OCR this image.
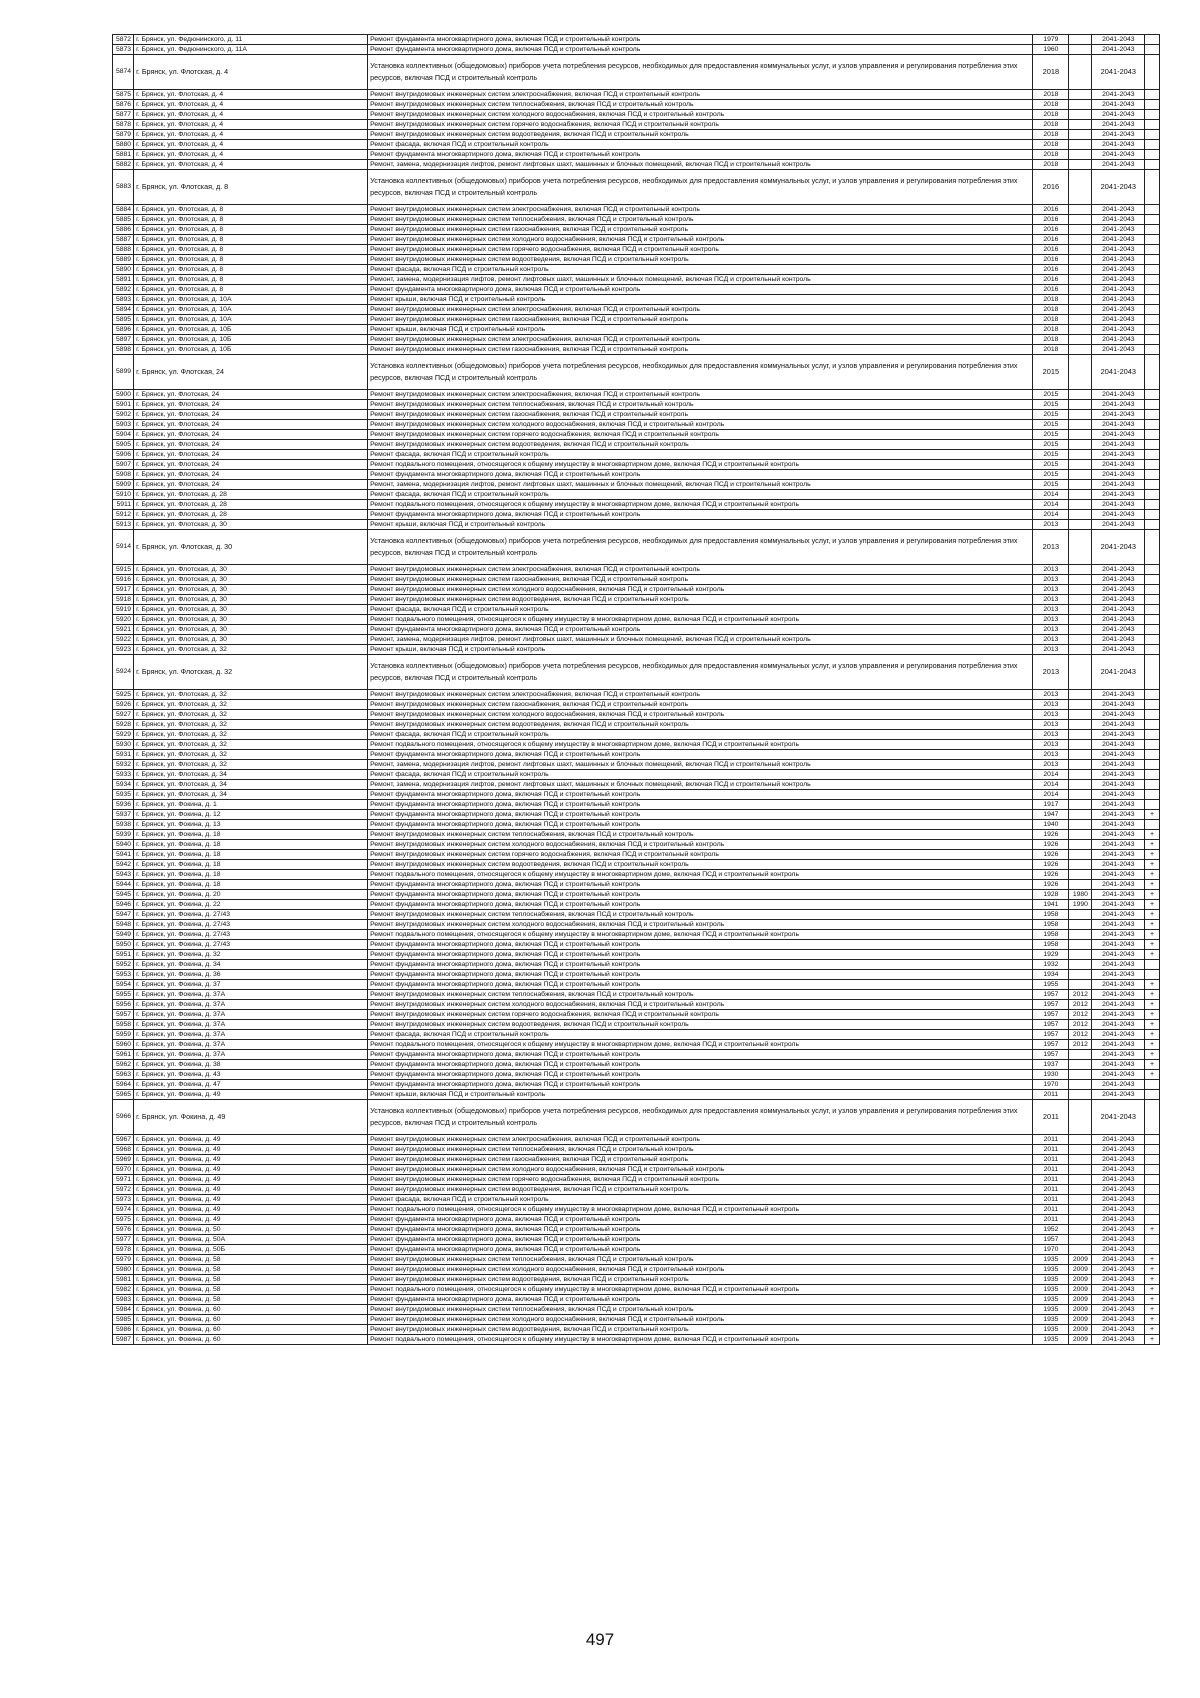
5872	г. Брянск, ул. Федюнинского, д. 11	Ремонт фундамента многоквартирного дома, включая ПСД и строительный контроль	1979		2041-2043	
5873	г. Брянск, ул. Федюнинского, д. 11А	Ремонт фундамента многоквартирного дома, включая ПСД и строительный контроль	1960		2041-2043	
5874	г. Брянск, ул. Флотская, д. 4	Установка коллективных (общедомовых) приборов учета потребления ресурсов, необходимых для предоставления коммунальных услуг, и узлов управления и регулирования потребления этих ресурсов, включая ПСД и строительный контроль	2018		2041-2043	
5875	г. Брянск, ул. Флотская, д. 4	Ремонт внутридомовых инженерных систем электроснабжения, включая ПСД и строительный контроль	2018		2041-2043	
5876	г. Брянск, ул. Флотская, д. 4	Ремонт внутридомовых инженерных систем теплоснабжения, включая ПСД и строительный контроль	2018		2041-2043	
5877	г. Брянск, ул. Флотская, д. 4	Ремонт внутридомовых инженерных систем холодного водоснабжения, включая ПСД и строительный контроль	2018		2041-2043	
5878	г. Брянск, ул. Флотская, д. 4	Ремонт внутридомовых инженерных систем горячего водоснабжения, включая ПСД и строительный контроль	2018		2041-2043	
5879	г. Брянск, ул. Флотская, д. 4	Ремонт внутридомовых инженерных систем водоотведения, включая ПСД и строительный контроль	2018		2041-2043	
5880	г. Брянск, ул. Флотская, д. 4	Ремонт фасада, включая ПСД и строительный контроль	2018		2041-2043	
5881	г. Брянск, ул. Флотская, д. 4	Ремонт фундамента многоквартирного дома, включая ПСД и строительный контроль	2018		2041-2043	
5882	г. Брянск, ул. Флотская, д. 4	Ремонт, замена, модернизация лифтов, ремонт лифтовых шахт, машинных и блочных помещений, включая ПСД и строительный контроль	2018		2041-2043	
5883	г. Брянск, ул. Флотская, д. 8	Установка коллективных (общедомовых) приборов учета потребления ресурсов, необходимых для предоставления коммунальных услуг, и узлов управления и регулирования потребления этих ресурсов, включая ПСД и строительный контроль	2016		2041-2043	
5884	г. Брянск, ул. Флотская, д. 8	Ремонт внутридомовых инженерных систем электроснабжения, включая ПСД и строительный контроль	2016		2041-2043	
5885	г. Брянск, ул. Флотская, д. 8	Ремонт внутридомовых инженерных систем теплоснабжения, включая ПСД и строительный контроль	2016		2041-2043	
5886	г. Брянск, ул. Флотская, д. 8	Ремонт внутридомовых инженерных систем газоснабжения, включая ПСД и строительный контроль	2016		2041-2043	
5887	г. Брянск, ул. Флотская, д. 8	Ремонт внутридомовых инженерных систем холодного водоснабжения, включая ПСД и строительный контроль	2016		2041-2043	
5888	г. Брянск, ул. Флотская, д. 8	Ремонт внутридомовых инженерных систем горячего водоснабжения, включая ПСД и строительный контроль	2016		2041-2043	
5889	г. Брянск, ул. Флотская, д. 8	Ремонт внутридомовых инженерных систем водоотведения, включая ПСД и строительный контроль	2016		2041-2043	
5890	г. Брянск, ул. Флотская, д. 8	Ремонт фасада, включая ПСД и строительный контроль	2016		2041-2043	
5891	г. Брянск, ул. Флотская, д. 8	Ремонт, замена, модернизация лифтов, ремонт лифтовых шахт, машинных и блочных помещений, включая ПСД и строительный контроль	2016		2041-2043	
5892	г. Брянск, ул. Флотская, д. 8	Ремонт фундамента многоквартирного дома, включая ПСД и строительный контроль	2016		2041-2043	
5893	г. Брянск, ул. Флотская, д. 10А	Ремонт крыши, включая ПСД и строительный контроль	2018		2041-2043	
5894	г. Брянск, ул. Флотская, д. 10А	Ремонт внутридомовых инженерных систем электроснабжения, включая ПСД и строительный контроль	2018		2041-2043	
5895	г. Брянск, ул. Флотская, д. 10А	Ремонт внутридомовых инженерных систем газоснабжения, включая ПСД и строительный контроль	2018		2041-2043	
5896	г. Брянск, ул. Флотская, д. 10Б	Ремонт крыши, включая ПСД и строительный контроль	2018		2041-2043	
5897	г. Брянск, ул. Флотская, д. 10Б	Ремонт внутридомовых инженерных систем электроснабжения, включая ПСД и строительный контроль	2018		2041-2043	
5898	г. Брянск, ул. Флотская, д. 10Б	Ремонт внутридомовых инженерных систем газоснабжения, включая ПСД и строительный контроль	2018		2041-2043	
5899	г. Брянск, ул. Флотская, 24	Установка коллективных (общедомовых) приборов учета потребления ресурсов, необходимых для предоставления коммунальных услуг, и узлов управления и регулирования потребления этих ресурсов, включая ПСД и строительный контроль	2015		2041-2043	
5900	г. Брянск, ул. Флотская, 24	Ремонт внутридомовых инженерных систем электроснабжения, включая ПСД и строительный контроль	2015		2041-2043	
5901	г. Брянск, ул. Флотская, 24	Ремонт внутридомовых инженерных систем теплоснабжения, включая ПСД и строительный контроль	2015		2041-2043	
5902	г. Брянск, ул. Флотская, 24	Ремонт внутридомовых инженерных систем газоснабжения, включая ПСД и строительный контроль	2015		2041-2043	
5903	г. Брянск, ул. Флотская, 24	Ремонт внутридомовых инженерных систем холодного водоснабжения, включая ПСД и строительный контроль	2015		2041-2043	
5904	г. Брянск, ул. Флотская, 24	Ремонт внутридомовых инженерных систем горячего водоснабжения, включая ПСД и строительный контроль	2015		2041-2043	
5905	г. Брянск, ул. Флотская, 24	Ремонт внутридомовых инженерных систем водоотведения, включая ПСД и строительный контроль	2015		2041-2043	
5906	г. Брянск, ул. Флотская, 24	Ремонт фасада, включая ПСД и строительный контроль	2015		2041-2043	
5907	г. Брянск, ул. Флотская, 24	Ремонт подвального помещения, относящегося к общему имуществу в многоквартирном доме, включая ПСД и строительный контроль	2015		2041-2043	
5908	г. Брянск, ул. Флотская, 24	Ремонт фундамента многоквартирного дома, включая ПСД и строительный контроль	2015		2041-2043	
5909	г. Брянск, ул. Флотская, 24	Ремонт, замена, модернизация лифтов, ремонт лифтовых шахт, машинных и блочных помещений, включая ПСД и строительный контроль	2015		2041-2043	
5910	г. Брянск, ул. Флотская, д. 28	Ремонт фасада, включая ПСД и строительный контроль	2014		2041-2043	
5911	г. Брянск, ул. Флотская, д. 28	Ремонт подвального помещения, относящегося к общему имуществу в многоквартирном доме, включая ПСД и строительный контроль	2014		2041-2043	
5912	г. Брянск, ул. Флотская, д. 28	Ремонт фундамента многоквартирного дома, включая ПСД и строительный контроль	2014		2041-2043	
5913	г. Брянск, ул. Флотская, д. 30	Ремонт крыши, включая ПСД и строительный контроль	2013		2041-2043	
5914	г. Брянск, ул. Флотская, д. 30	Установка коллективных (общедомовых) приборов учета потребления ресурсов, необходимых для предоставления коммунальных услуг, и узлов управления и регулирования потребления этих ресурсов, включая ПСД и строительный контроль	2013		2041-2043	
5915	г. Брянск, ул. Флотская, д. 30	Ремонт внутридомовых инженерных систем электроснабжения, включая ПСД и строительный контроль	2013		2041-2043	
5916	г. Брянск, ул. Флотская, д. 30	Ремонт внутридомовых инженерных систем газоснабжения, включая ПСД и строительный контроль	2013		2041-2043	
5917	г. Брянск, ул. Флотская, д. 30	Ремонт внутридомовых инженерных систем холодного водоснабжения, включая ПСД и строительный контроль	2013		2041-2043	
5918	г. Брянск, ул. Флотская, д. 30	Ремонт внутридомовых инженерных систем водоотведения, включая ПСД и строительный контроль	2013		2041-2043	
5919	г. Брянск, ул. Флотская, д. 30	Ремонт фасада, включая ПСД и строительный контроль	2013		2041-2043	
5920	г. Брянск, ул. Флотская, д. 30	Ремонт подвального помещения, относящегося к общему имуществу в многоквартирном доме, включая ПСД и строительный контроль	2013		2041-2043	
5921	г. Брянск, ул. Флотская, д. 30	Ремонт фундамента многоквартирного дома, включая ПСД и строительный контроль	2013		2041-2043	
5922	г. Брянск, ул. Флотская, д. 30	Ремонт, замена, модернизация лифтов, ремонт лифтовых шахт, машинных и блочных помещений, включая ПСД и строительный контроль	2013		2041-2043	
5923	г. Брянск, ул. Флотская, д. 32	Ремонт крыши, включая ПСД и строительный контроль	2013		2041-2043	
5924	г. Брянск, ул. Флотская, д. 32	Установка коллективных (общедомовых) приборов учета потребления ресурсов, необходимых для предоставления коммунальных услуг, и узлов управления и регулирования потребления этих ресурсов, включая ПСД и строительный контроль	2013		2041-2043	
5925	г. Брянск, ул. Флотская, д. 32	Ремонт внутридомовых инженерных систем электроснабжения, включая ПСД и строительный контроль	2013		2041-2043	
5926	г. Брянск, ул. Флотская, д. 32	Ремонт внутридомовых инженерных систем газоснабжения, включая ПСД и строительный контроль	2013		2041-2043	
5927	г. Брянск, ул. Флотская, д. 32	Ремонт внутридомовых инженерных систем холодного водоснабжения, включая ПСД и строительный контроль	2013		2041-2043	
5928	г. Брянск, ул. Флотская, д. 32	Ремонт внутридомовых инженерных систем водоотведения, включая ПСД и строительный контроль	2013		2041-2043	
5929	г. Брянск, ул. Флотская, д. 32	Ремонт фасада, включая ПСД и строительный контроль	2013		2041-2043	
5930	г. Брянск, ул. Флотская, д. 32	Ремонт подвального помещения, относящегося к общему имуществу в многоквартирном доме, включая ПСД и строительный контроль	2013		2041-2043	
5931	г. Брянск, ул. Флотская, д. 32	Ремонт фундамента многоквартирного дома, включая ПСД и строительный контроль	2013		2041-2043	
5932	г. Брянск, ул. Флотская, д. 32	Ремонт, замена, модернизация лифтов, ремонт лифтовых шахт, машинных и блочных помещений, включая ПСД и строительный контроль	2013		2041-2043	
5933	г. Брянск, ул. Флотская, д. 34	Ремонт фасада, включая ПСД и строительный контроль	2014		2041-2043	
5934	г. Брянск, ул. Флотская, д. 34	Ремонт, замена, модернизация лифтов, ремонт лифтовых шахт, машинных и блочных помещений, включая ПСД и строительный контроль	2014		2041-2043	
5935	г. Брянск, ул. Флотская, д. 34	Ремонт фундамента многоквартирного дома, включая ПСД и строительный контроль	2014		2041-2043	
5936	г. Брянск, ул. Фокина, д. 1	Ремонт фундамента многоквартирного дома, включая ПСД и строительный контроль	1917		2041-2043	
5937	г. Брянск, ул. Фокина, д. 12	Ремонт фундамента многоквартирного дома, включая ПСД и строительный контроль	1947		2041-2043	+
5938	г. Брянск, ул. Фокина, д. 13	Ремонт фундамента многоквартирного дома, включая ПСД и строительный контроль	1940		2041-2043	
5939	г. Брянск, ул. Фокина, д. 18	Ремонт внутридомовых инженерных систем теплоснабжения, включая ПСД и строительный контроль	1926		2041-2043	+
5940	г. Брянск, ул. Фокина, д. 18	Ремонт внутридомовых инженерных систем холодного водоснабжения, включая ПСД и строительный контроль	1926		2041-2043	+
5941	г. Брянск, ул. Фокина, д. 18	Ремонт внутридомовых инженерных систем горячего водоснабжения, включая ПСД и строительный контроль	1926		2041-2043	+
5942	г. Брянск, ул. Фокина, д. 18	Ремонт внутридомовых инженерных систем водоотведения, включая ПСД и строительный контроль	1926		2041-2043	+
5943	г. Брянск, ул. Фокина, д. 18	Ремонт подвального помещения, относящегося к общему имуществу в многоквартирном доме, включая ПСД и строительный контроль	1926		2041-2043	+
5944	г. Брянск, ул. Фокина, д. 18	Ремонт фундамента многоквартирного дома, включая ПСД и строительный контроль	1926		2041-2043	+
5945	г. Брянск, ул. Фокина, д. 20	Ремонт фундамента многоквартирного дома, включая ПСД и строительный контроль	1928	1980	2041-2043	+
5946	г. Брянск, ул. Фокина, д. 22	Ремонт фундамента многоквартирного дома, включая ПСД и строительный контроль	1941	1990	2041-2043	+
5947	г. Брянск, ул. Фокина, д. 27/43	Ремонт внутридомовых инженерных систем теплоснабжения, включая ПСД и строительный контроль	1958		2041-2043	+
5948	г. Брянск, ул. Фокина, д. 27/43	Ремонт внутридомовых инженерных систем холодного водоснабжения, включая ПСД и строительный контроль	1958		2041-2043	+
5949	г. Брянск, ул. Фокина, д. 27/43	Ремонт подвального помещения, относящегося к общему имуществу в многоквартирном доме, включая ПСД и строительный контроль	1958		2041-2043	+
5950	г. Брянск, ул. Фокина, д. 27/43	Ремонт фундамента многоквартирного дома, включая ПСД и строительный контроль	1958		2041-2043	+
5951	г. Брянск, ул. Фокина, д. 32	Ремонт фундамента многоквартирного дома, включая ПСД и строительный контроль	1929		2041-2043	+
5952	г. Брянск, ул. Фокина, д. 34	Ремонт фундамента многоквартирного дома, включая ПСД и строительный контроль	1932		2041-2043	
5953	г. Брянск, ул. Фокина, д. 36	Ремонт фундамента многоквартирного дома, включая ПСД и строительный контроль	1934		2041-2043	
5954	г. Брянск, ул. Фокина, д. 37	Ремонт фундамента многоквартирного дома, включая ПСД и строительный контроль	1955		2041-2043	+
5955	г. Брянск, ул. Фокина, д. 37А	Ремонт внутридомовых инженерных систем теплоснабжения, включая ПСД и строительный контроль	1957	2012	2041-2043	+
5956	г. Брянск, ул. Фокина, д. 37А	Ремонт внутридомовых инженерных систем холодного водоснабжения, включая ПСД и строительный контроль	1957	2012	2041-2043	+
5957	г. Брянск, ул. Фокина, д. 37А	Ремонт внутридомовых инженерных систем горячего водоснабжения, включая ПСД и строительный контроль	1957	2012	2041-2043	+
5958	г. Брянск, ул. Фокина, д. 37А	Ремонт внутридомовых инженерных систем водоотведения, включая ПСД и строительный контроль	1957	2012	2041-2043	+
5959	г. Брянск, ул. Фокина, д. 37А	Ремонт фасада, включая ПСД и строительный контроль	1957	2012	2041-2043	+
5960	г. Брянск, ул. Фокина, д. 37А	Ремонт подвального помещения, относящегося к общему имуществу в многоквартирном доме, включая ПСД и строительный контроль	1957	2012	2041-2043	+
5961	г. Брянск, ул. Фокина, д. 37А	Ремонт фундамента многоквартирного дома, включая ПСД и строительный контроль	1957		2041-2043	+
5962	г. Брянск, ул. Фокина, д. 38	Ремонт фундамента многоквартирного дома, включая ПСД и строительный контроль	1937		2041-2043	+
5963	г. Брянск, ул. Фокина, д. 43	Ремонт фундамента многоквартирного дома, включая ПСД и строительный контроль	1930		2041-2043	+
5964	г. Брянск, ул. Фокина, д. 47	Ремонт фундамента многоквартирного дома, включая ПСД и строительный контроль	1970		2041-2043	
5965	г. Брянск, ул. Фокина, д. 49	Ремонт крыши, включая ПСД и строительный контроль	2011		2041-2043	
5966	г. Брянск, ул. Фокина, д. 49	Установка коллективных (общедомовых) приборов учета потребления ресурсов, необходимых для предоставления коммунальных услуг, и узлов управления и регулирования потребления этих ресурсов, включая ПСД и строительный контроль	2011		2041-2043	
5967	г. Брянск, ул. Фокина, д. 49	Ремонт внутридомовых инженерных систем электроснабжения, включая ПСД и строительный контроль	2011		2041-2043	
5968	г. Брянск, ул. Фокина, д. 49	Ремонт внутридомовых инженерных систем теплоснабжения, включая ПСД и строительный контроль	2011		2041-2043	
5969	г. Брянск, ул. Фокина, д. 49	Ремонт внутридомовых инженерных систем газоснабжения, включая ПСД и строительный контроль	2011		2041-2043	
5970	г. Брянск, ул. Фокина, д. 49	Ремонт внутридомовых инженерных систем холодного водоснабжения, включая ПСД и строительный контроль	2011		2041-2043	
5971	г. Брянск, ул. Фокина, д. 49	Ремонт внутридомовых инженерных систем горячего водоснабжения, включая ПСД и строительный контроль	2011		2041-2043	
5972	г. Брянск, ул. Фокина, д. 49	Ремонт внутридомовых инженерных систем водоотведения, включая ПСД и строительный контроль	2011		2041-2043	
5973	г. Брянск, ул. Фокина, д. 49	Ремонт фасада, включая ПСД и строительный контроль	2011		2041-2043	
5974	г. Брянск, ул. Фокина, д. 49	Ремонт подвального помещения, относящегося к общему имуществу в многоквартирном доме, включая ПСД и строительный контроль	2011		2041-2043	
5975	г. Брянск, ул. Фокина, д. 49	Ремонт фундамента многоквартирного дома, включая ПСД и строительный контроль	2011		2041-2043	
5976	г. Брянск, ул. Фокина, д. 50	Ремонт фундамента многоквартирного дома, включая ПСД и строительный контроль	1952		2041-2043	+
5977	г. Брянск, ул. Фокина, д. 50А	Ремонт фундамента многоквартирного дома, включая ПСД и строительный контроль	1957		2041-2043	
5978	г. Брянск, ул. Фокина, д. 50Б	Ремонт фундамента многоквартирного дома, включая ПСД и строительный контроль	1970		2041-2043	
5979	г. Брянск, ул. Фокина, д. 58	Ремонт внутридомовых инженерных систем теплоснабжения, включая ПСД и строительный контроль	1935	2009	2041-2043	+
5980	г. Брянск, ул. Фокина, д. 58	Ремонт внутридомовых инженерных систем холодного водоснабжения, включая ПСД и строительный контроль	1935	2009	2041-2043	+
5981	г. Брянск, ул. Фокина, д. 58	Ремонт внутридомовых инженерных систем водоотведения, включая ПСД и строительный контроль	1935	2009	2041-2043	+
5982	г. Брянск, ул. Фокина, д. 58	Ремонт подвального помещения, относящегося к общему имуществу в многоквартирном доме, включая ПСД и строительный контроль	1935	2009	2041-2043	+
5983	г. Брянск, ул. Фокина, д. 58	Ремонт фундамента многоквартирного дома, включая ПСД и строительный контроль	1935	2009	2041-2043	+
5984	г. Брянск, ул. Фокина, д. 60	Ремонт внутридомовых инженерных систем теплоснабжения, включая ПСД и строительный контроль	1935	2009	2041-2043	+
5985	г. Брянск, ул. Фокина, д. 60	Ремонт внутридомовых инженерных систем холодного водоснабжения, включая ПСД и строительный контроль	1935	2009	2041-2043	+
5986	г. Брянск, ул. Фокина, д. 60	Ремонт внутридомовых инженерных систем водоотведения, включая ПСД и строительный контроль	1935	2009	2041-2043	+
5987	г. Брянск, ул. Фокина, д. 60	Ремонт подвального помещения, относящегося к общему имуществу в многоквартирном доме, включая ПСД и строительный контроль	1935	2009	2041-2043	+
497
